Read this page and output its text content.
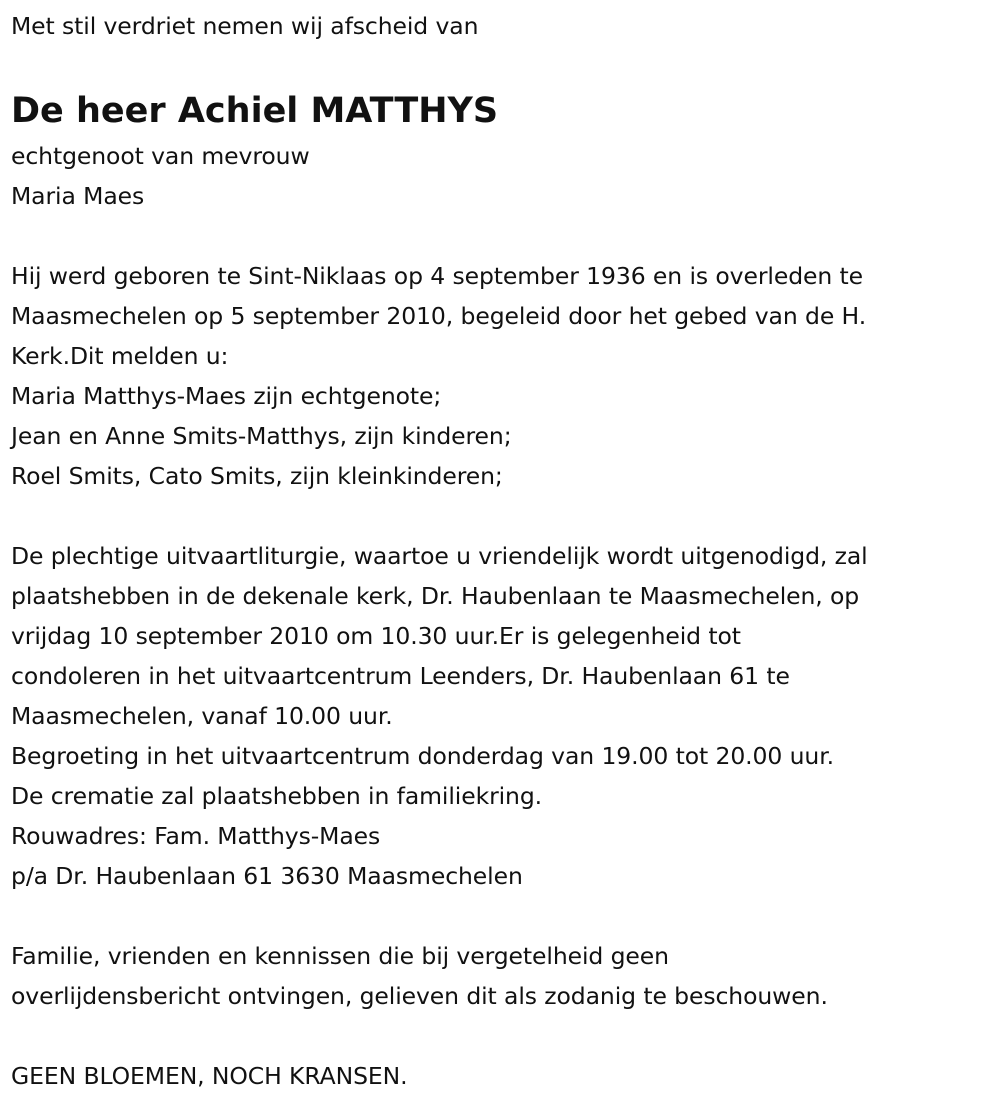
Met stil verdriet nemen wij afscheid van
De heer Achiel MATTHYS
echtgenoot van mevrouw
Maria Maes
Hij werd geboren te Sint-Niklaas op 4 september 1936 en is overleden te
Maasmechelen op 5 september 2010, begeleid door het gebed van de H.
Kerk.Dit melden u:
Maria Matthys-Maes zijn echtgenote;
Jean en Anne Smits-Matthys, zijn kinderen;
Roel Smits, Cato Smits, zijn kleinkinderen;
De plechtige uitvaartliturgie, waartoe u vriendelijk wordt uitgenodigd, zal
plaatshebben in de dekenale kerk, Dr. Haubenlaan te Maasmechelen, op
vrijdag 10 september 2010 om 10.30 uur.Er is gelegenheid tot
condoleren in het uitvaartcentrum Leenders, Dr. Haubenlaan 61 te
Maasmechelen, vanaf 10.00 uur.
Begroeting in het uitvaartcentrum donderdag van 19.00 tot 20.00 uur.
De crematie zal plaatshebben in familiekring.
Rouwadres: Fam. Matthys-Maes
p/a Dr. Haubenlaan 61 3630 Maasmechelen
Familie, vrienden en kennissen die bij vergetelheid geen
overlijdensbericht ontvingen, gelieven dit als zodanig te beschouwen.
GEEN BLOEMEN, NOCH KRANSEN.
